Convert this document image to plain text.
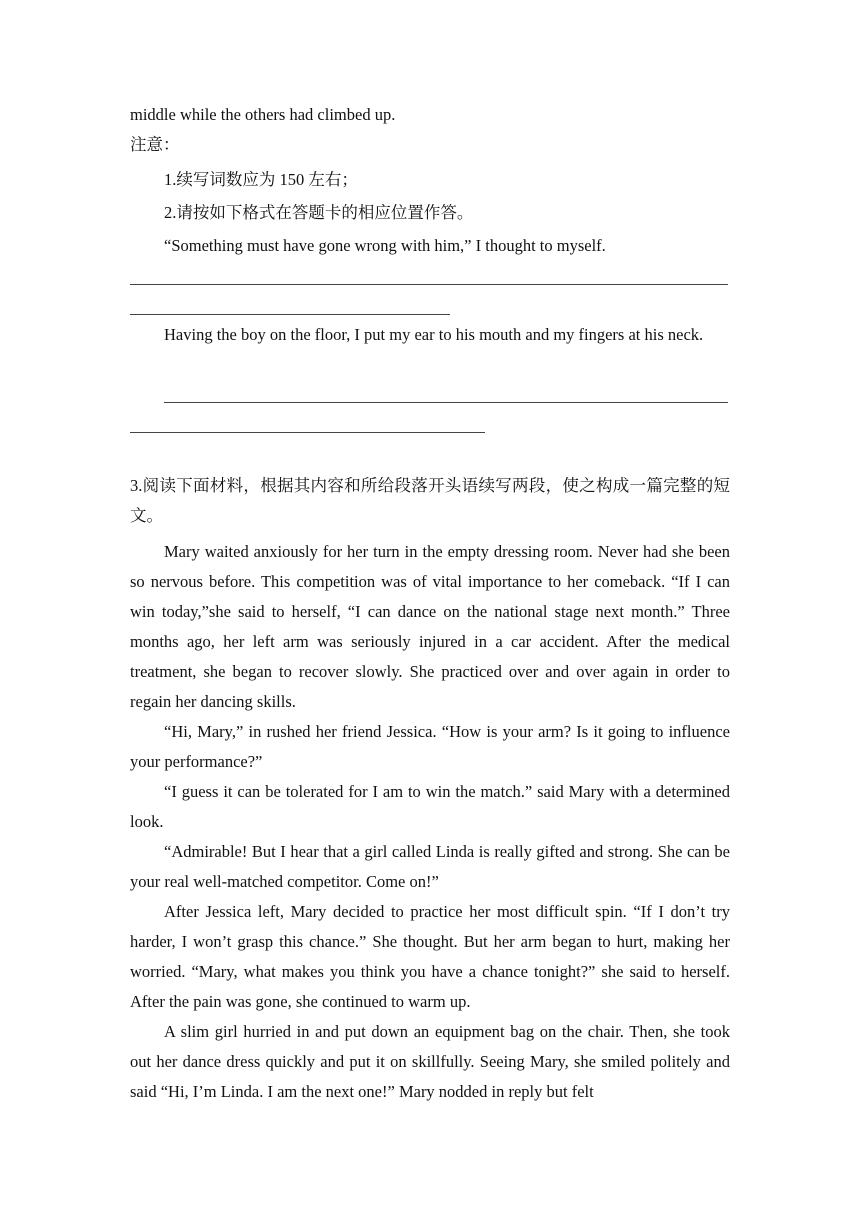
middle while the others had climbed up.
注意：
1.续写词数应为 150 左右；
2.请按如下格式在答题卡的相应位置作答。
“Something must have gone wrong with him,” I thought to myself.

Having the boy on the floor, I put my ear to his mouth and my fingers at his neck.

3.阅读下面材料，根据其内容和所给段落开头语续写两段，使之构成一篇完整的短文。

Mary waited anxiously for her turn in the empty dressing room. Never had she been so nervous before. This competition was of vital importance to her comeback. “If I can win today,”she said to herself, “I can dance on the national stage next month.” Three months ago, her left arm was seriously injured in a car accident. After the medical treatment, she began to recover slowly. She practiced over and over again in order to regain her dancing skills.

“Hi, Mary,” in rushed her friend Jessica. “How is your arm? Is it going to influence your performance?”

“I guess it can be tolerated for I am to win the match.” said Mary with a determined look.

“Admirable! But I hear that a girl called Linda is really gifted and strong. She can be your real well-matched competitor. Come on!”

After Jessica left, Mary decided to practice her most difficult spin. “If I don’t try harder, I won’t grasp this chance.” She thought. But her arm began to hurt, making her worried. “Mary, what makes you think you have a chance tonight?” she said to herself. After the pain was gone, she continued to warm up.

A slim girl hurried in and put down an equipment bag on the chair. Then, she took out her dance dress quickly and put it on skillfully. Seeing Mary, she smiled politely and said “Hi, I’m Linda. I am the next one!” Mary nodded in reply but felt
